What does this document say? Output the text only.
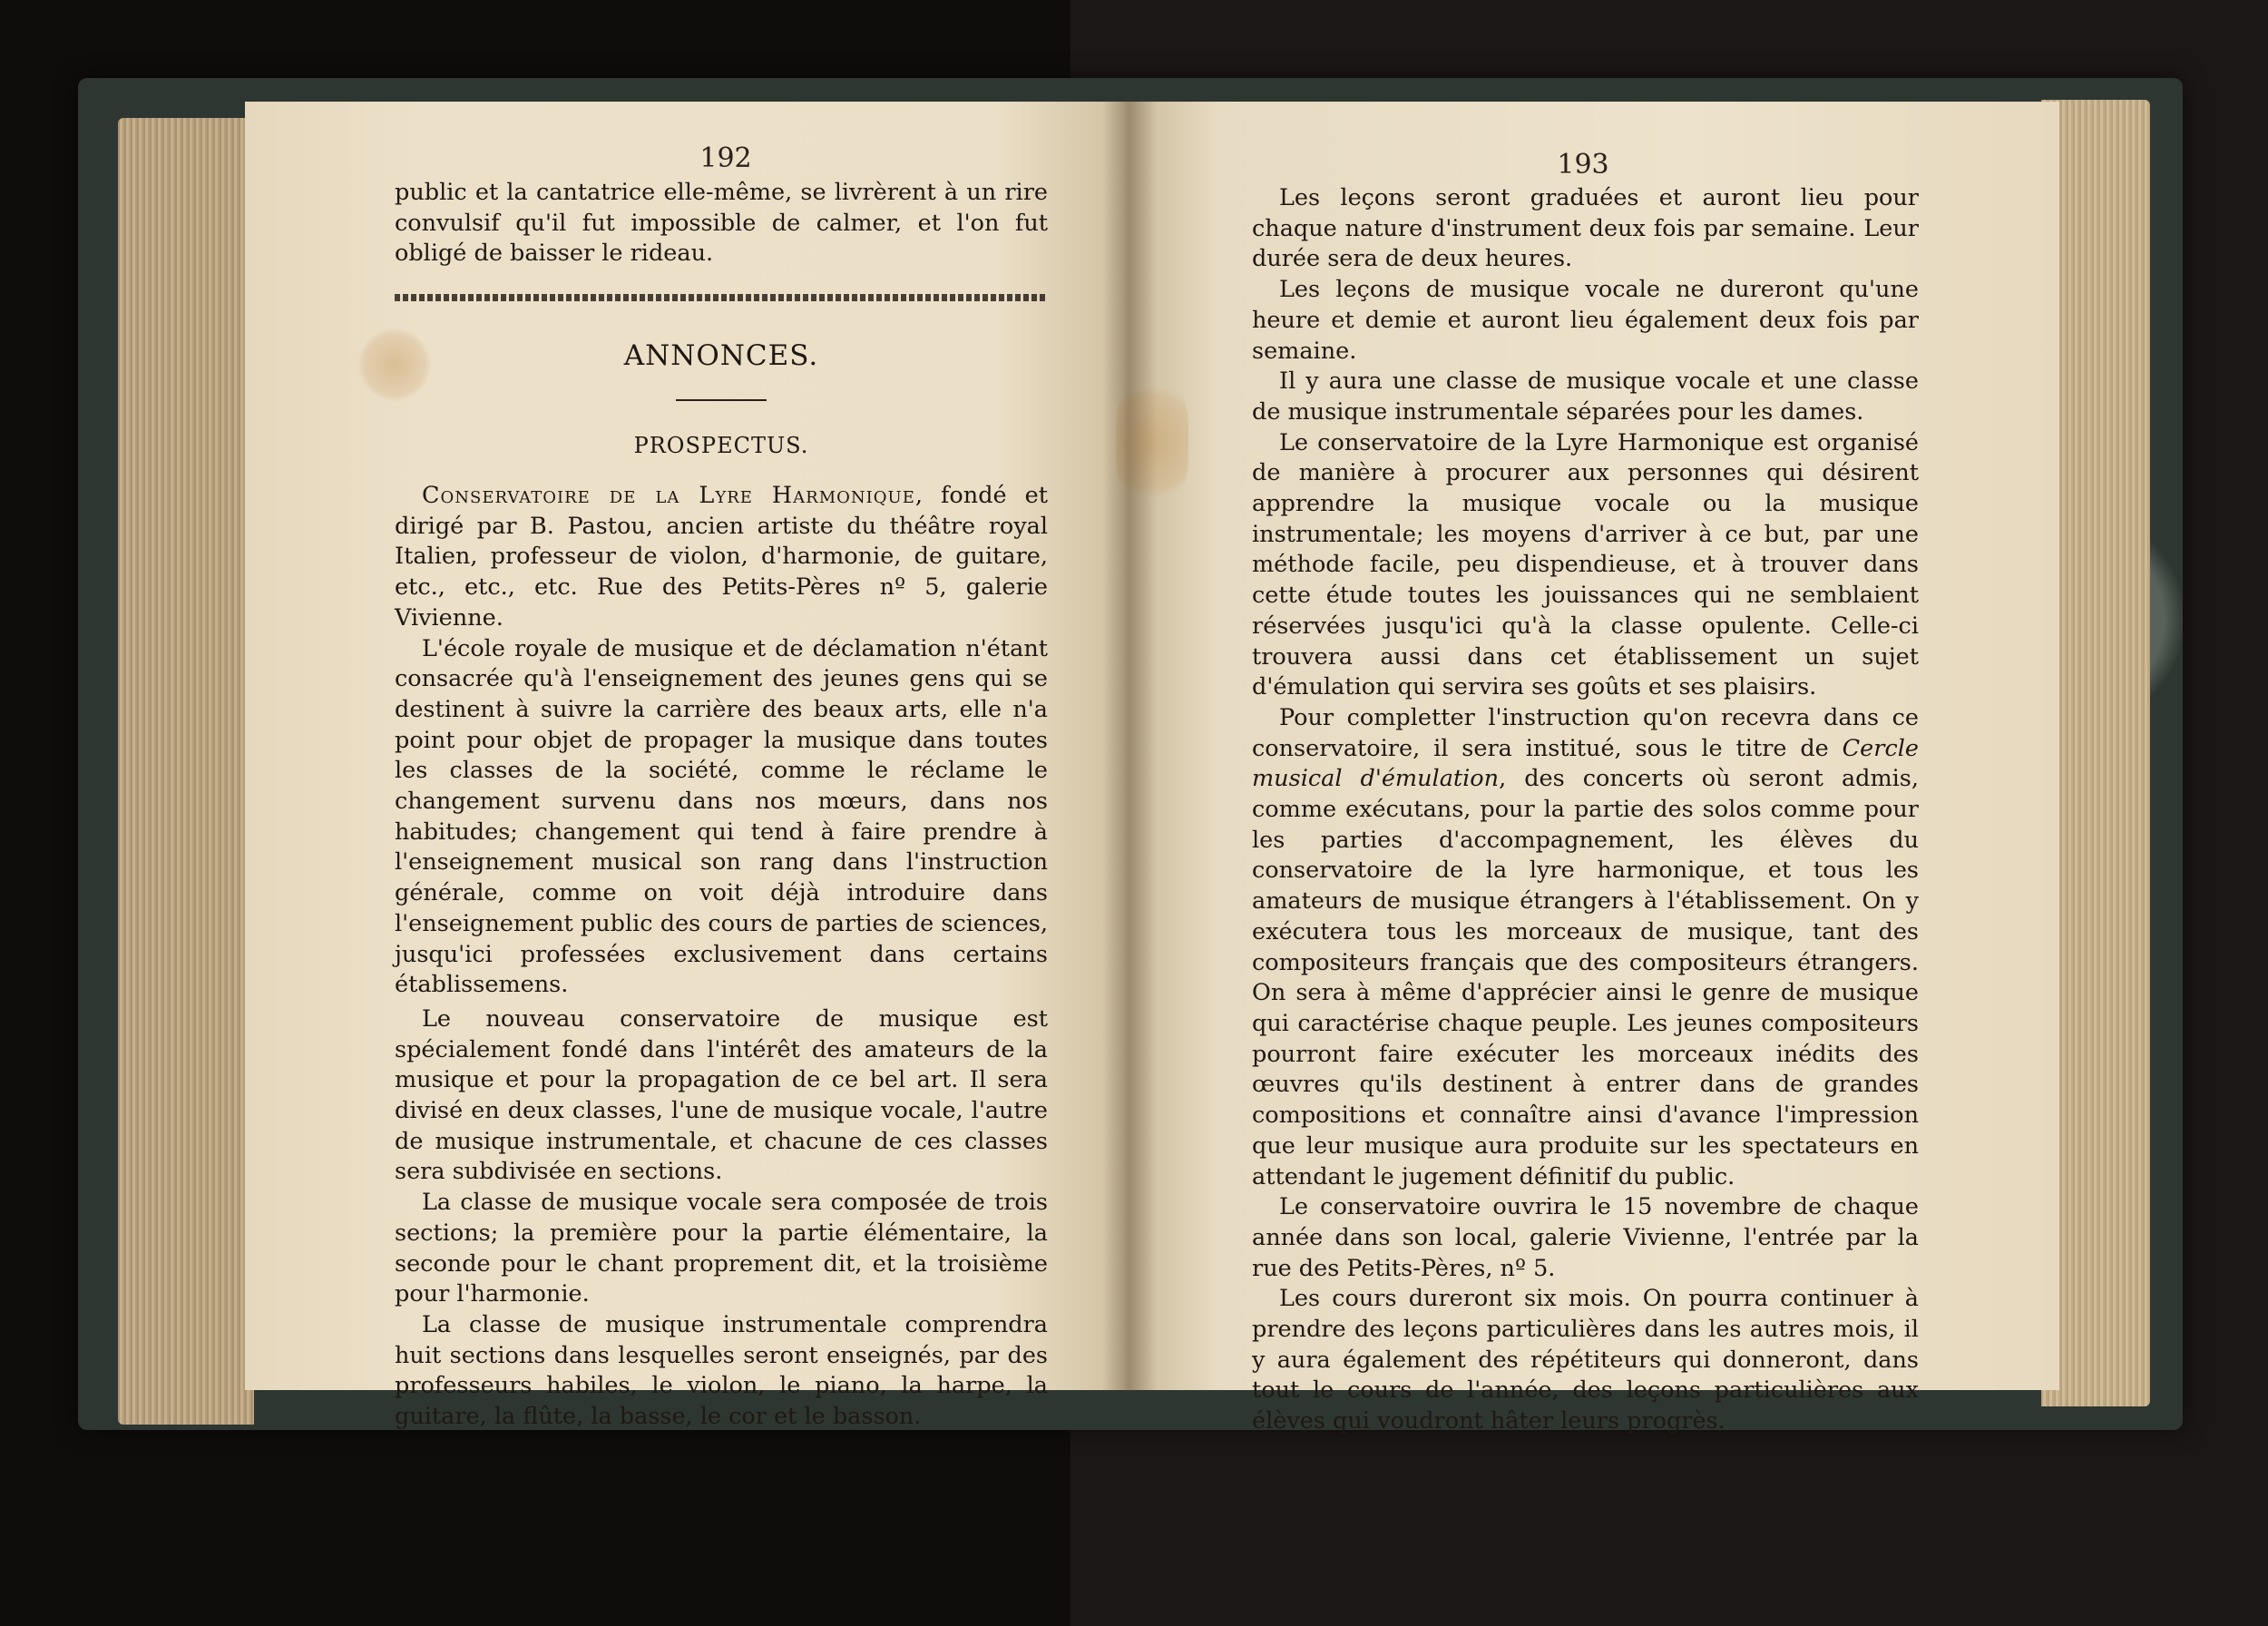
192

public et la cantatrice elle-même, se livrèrent à un rire convulsif qu'il fut impossible de calmer, et l'on fut obligé de baisser le rideau.

ANNONCES.
PROSPECTUS.

Conservatoire de la Lyre Harmonique, fondé et dirigé par B. Pastou, ancien artiste du théâtre royal Italien, professeur de violon, d'harmonie, de guitare, etc., etc., etc. Rue des Petits-Pères nº 5, galerie Vivienne.

L'école royale de musique et de déclamation n'étant consacrée qu'à l'enseignement des jeunes gens qui se destinent à suivre la carrière des beaux arts, elle n'a point pour objet de propager la musique dans toutes les classes de la société, comme le réclame le changement survenu dans nos mœurs, dans nos habitudes; changement qui tend à faire prendre à l'enseignement musical son rang dans l'instruction générale, comme on voit déjà introduire dans l'enseignement public des cours de parties de sciences, jusqu'ici professées exclusivement dans certains établissemens.

Le nouveau conservatoire de musique est spécialement fondé dans l'intérêt des amateurs de la musique et pour la propagation de ce bel art. Il sera divisé en deux classes, l'une de musique vocale, l'autre de musique instrumentale, et chacune de ces classes sera subdivisée en sections.

La classe de musique vocale sera composée de trois sections; la première pour la partie élémentaire, la seconde pour le chant proprement dit, et la troisième pour l'harmonie.

La classe de musique instrumentale comprendra huit sections dans lesquelles seront enseignés, par des professeurs habiles, le violon, le piano, la harpe, la guitare, la flûte, la basse, le cor et le basson.

193

Les leçons seront graduées et auront lieu pour chaque nature d'instrument deux fois par semaine. Leur durée sera de deux heures.

Les leçons de musique vocale ne dureront qu'une heure et demie et auront lieu également deux fois par semaine.

Il y aura une classe de musique vocale et une classe de musique instrumentale séparées pour les dames.

Le conservatoire de la Lyre Harmonique est organisé de manière à procurer aux personnes qui désirent apprendre la musique vocale ou la musique instrumentale; les moyens d'arriver à ce but, par une méthode facile, peu dispendieuse, et à trouver dans cette étude toutes les jouissances qui ne semblaient réservées jusqu'ici qu'à la classe opulente. Celle-ci trouvera aussi dans cet établissement un sujet d'émulation qui servira ses goûts et ses plaisirs.

Pour completter l'instruction qu'on recevra dans ce conservatoire, il sera institué, sous le titre de Cercle musical d'émulation, des concerts où seront admis, comme exécutans, pour la partie des solos comme pour les parties d'accompagnement, les élèves du conservatoire de la lyre harmonique, et tous les amateurs de musique étrangers à l'établissement. On y exécutera tous les morceaux de musique, tant des compositeurs français que des compositeurs étrangers. On sera à même d'apprécier ainsi le genre de musique qui caractérise chaque peuple. Les jeunes compositeurs pourront faire exécuter les morceaux inédits des œuvres qu'ils destinent à entrer dans de grandes compositions et connaître ainsi d'avance l'impression que leur musique aura produite sur les spectateurs en attendant le jugement définitif du public.

Le conservatoire ouvrira le 15 novembre de chaque année dans son local, galerie Vivienne, l'entrée par la rue des Petits-Pères, nº 5.

Les cours dureront six mois. On pourra continuer à prendre des leçons particulières dans les autres mois, il y aura également des répétiteurs qui donneront, dans tout le cours de l'année, des leçons particulières aux élèves qui voudront hâter leurs progrès.
